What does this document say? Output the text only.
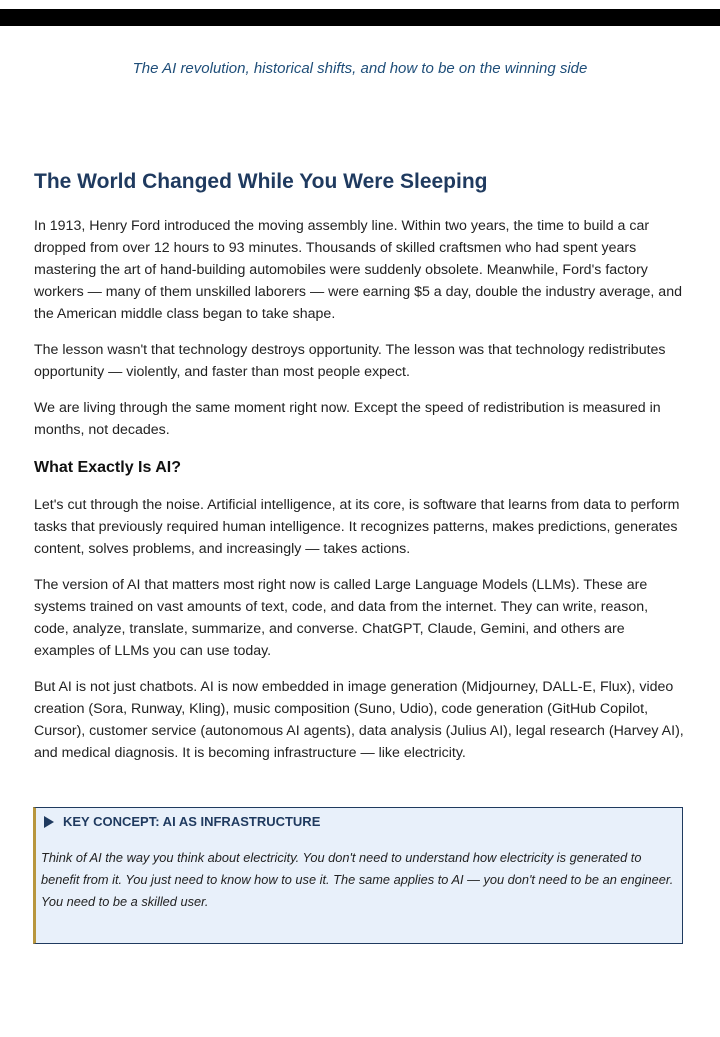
The AI revolution, historical shifts, and how to be on the winning side
The World Changed While You Were Sleeping

In 1913, Henry Ford introduced the moving assembly line. Within two years, the time to build a car dropped from over 12 hours to 93 minutes. Thousands of skilled craftsmen who had spent years mastering the art of hand-building automobiles were suddenly obsolete. Meanwhile, Ford's factory workers — many of them unskilled laborers — were earning $5 a day, double the industry average, and the American middle class began to take shape.

The lesson wasn't that technology destroys opportunity. The lesson was that technology redistributes opportunity — violently, and faster than most people expect.

We are living through the same moment right now. Except the speed of redistribution is measured in months, not decades.

What Exactly Is AI?

Let's cut through the noise. Artificial intelligence, at its core, is software that learns from data to perform tasks that previously required human intelligence. It recognizes patterns, makes predictions, generates content, solves problems, and increasingly — takes actions.

The version of AI that matters most right now is called Large Language Models (LLMs). These are systems trained on vast amounts of text, code, and data from the internet. They can write, reason, code, analyze, translate, summarize, and converse. ChatGPT, Claude, Gemini, and others are examples of LLMs you can use today.

But AI is not just chatbots. AI is now embedded in image generation (Midjourney, DALL-E, Flux), video creation (Sora, Runway, Kling), music composition (Suno, Udio), code generation (GitHub Copilot, Cursor), customer service (autonomous AI agents), data analysis (Julius AI), legal research (Harvey AI), and medical diagnosis. It is becoming infrastructure — like electricity.

KEY CONCEPT: AI AS INFRASTRUCTURE
Think of AI the way you think about electricity. You don't need to understand how electricity is generated to benefit from it. You just need to know how to use it. The same applies to AI — you don't need to be an engineer. You need to be a skilled user.
